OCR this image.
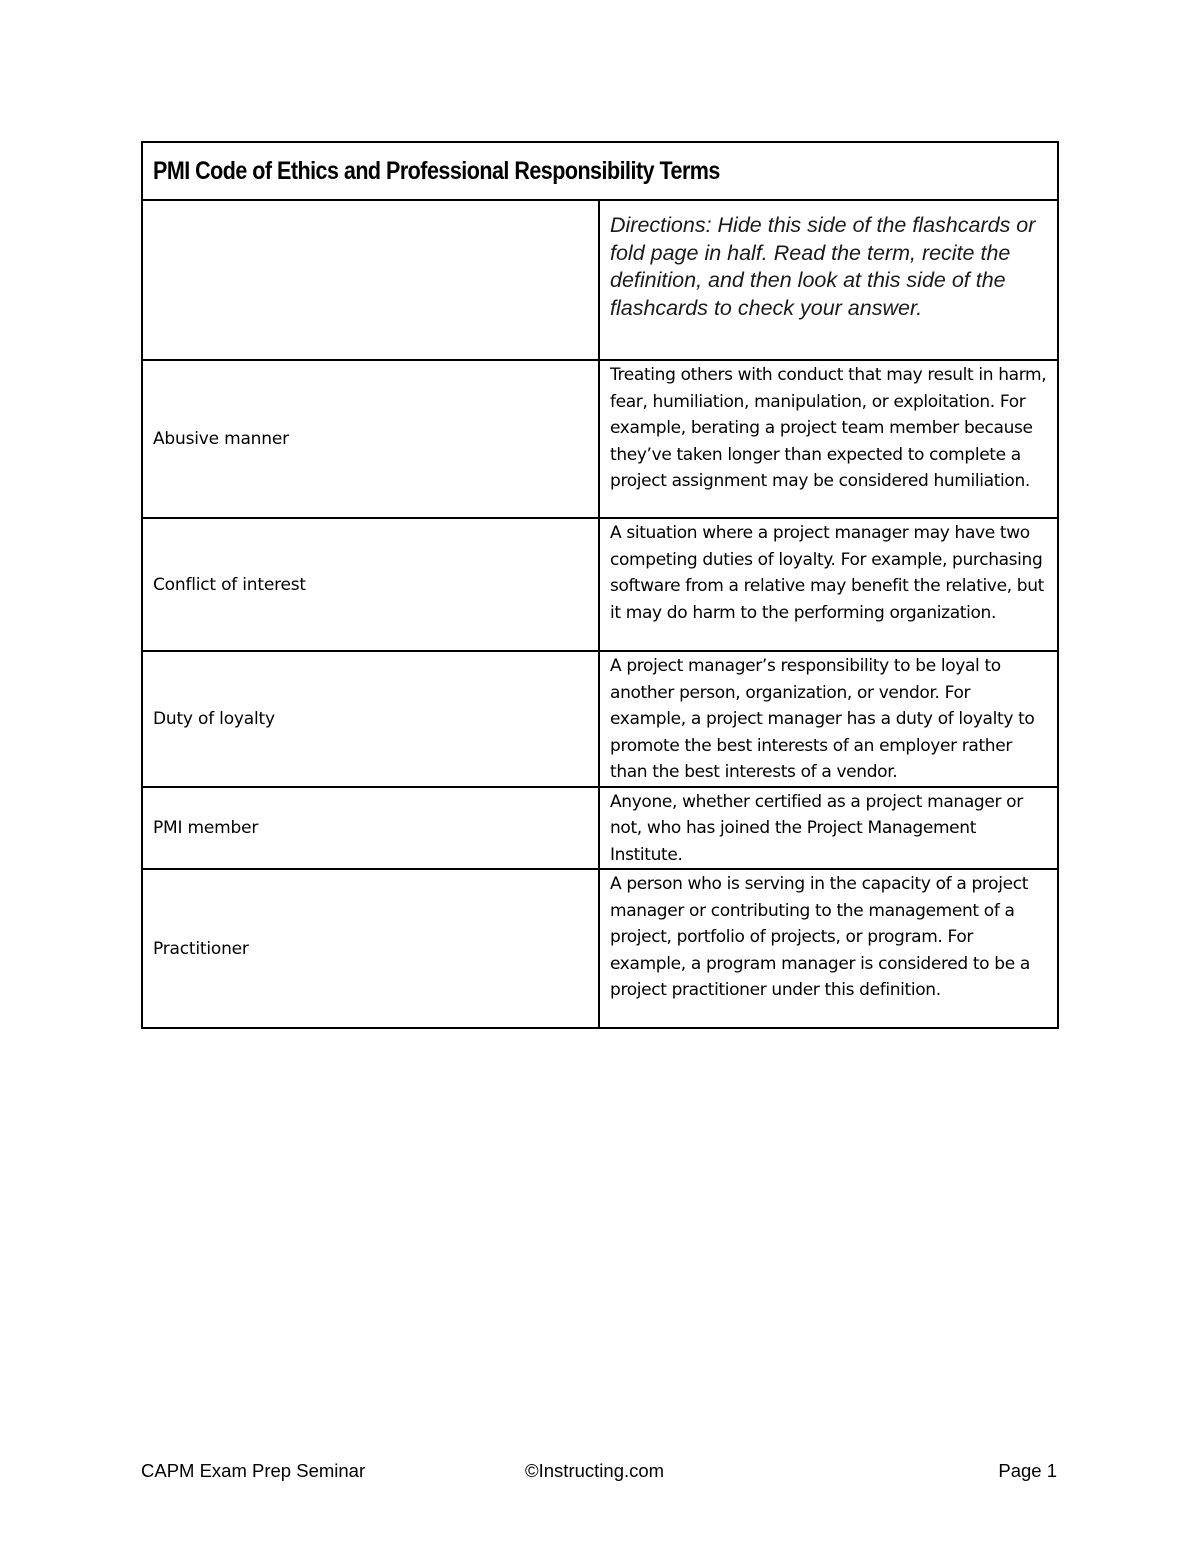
PMI Code of Ethics and Professional Responsibility Terms	
	Directions: Hide this side of the flashcards or fold page in half. Read the term, recite the definition, and then look at this side of the flashcards to check your answer.
Abusive manner	Treating others with conduct that may result in harm, fear, humiliation, manipulation, or exploitation. For example, berating a project team member because they’ve taken longer than expected to complete a project assignment may be considered humiliation.
Conflict of interest	A situation where a project manager may have two competing duties of loyalty. For example, purchasing software from a relative may benefit the relative, but it may do harm to the performing organization.
Duty of loyalty	A project manager’s responsibility to be loyal to another person, organization, or vendor. For example, a project manager has a duty of loyalty to promote the best interests of an employer rather than the best interests of a vendor.
PMI member	Anyone, whether certified as a project manager or not, who has joined the Project Management Institute.
Practitioner	A person who is serving in the capacity of a project manager or contributing to the management of a project, portfolio of projects, or program. For example, a program manager is considered to be a project practitioner under this definition.
CAPM Exam Prep Seminar	©Instructing.com	Page 1
